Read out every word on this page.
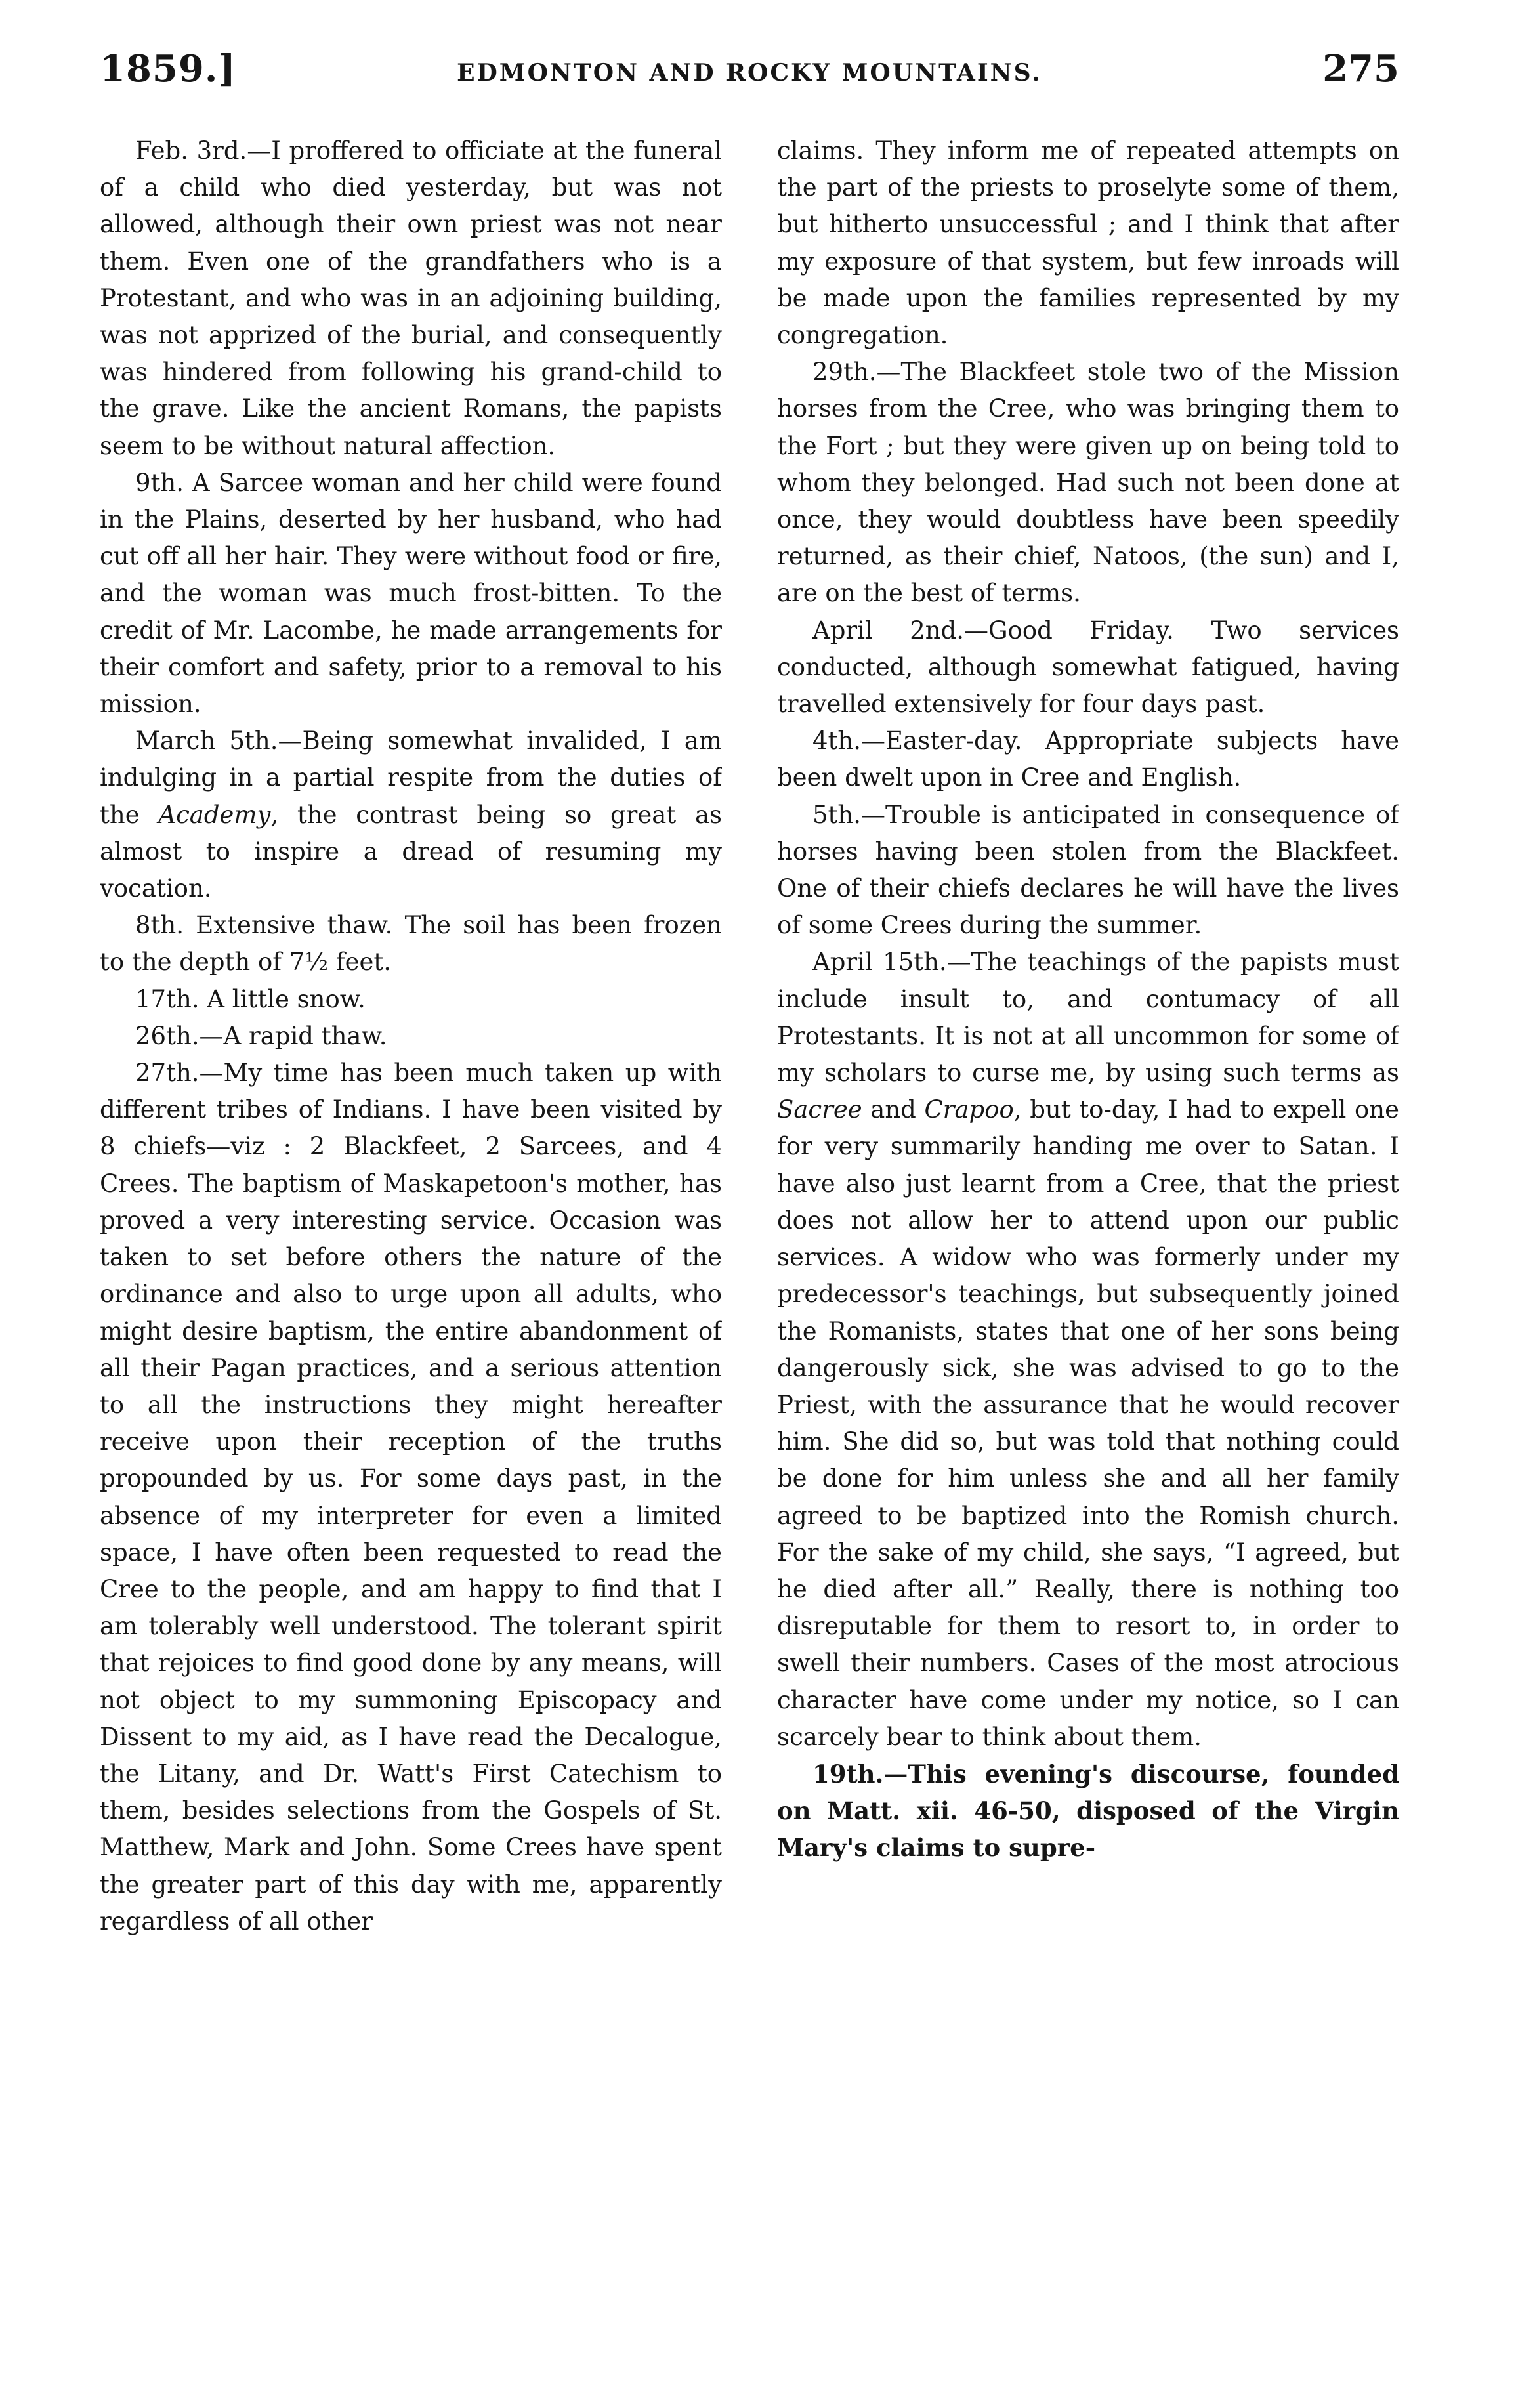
1859.]	EDMONTON AND ROCKY MOUNTAINS.	275

Feb. 3rd.—I proffered to officiate at the funeral of a child who died yesterday, but was not allowed, although their own priest was not near them. Even one of the grandfathers who is a Protestant, and who was in an adjoining building, was not apprized of the burial, and consequently was hindered from following his grand-child to the grave. Like the ancient Romans, the papists seem to be without natural affection.

9th. A Sarcee woman and her child were found in the Plains, deserted by her husband, who had cut off all her hair. They were without food or fire, and the woman was much frost-bitten. To the credit of Mr. Lacombe, he made arrangements for their comfort and safety, prior to a removal to his mission.

March 5th.—Being somewhat invalided, I am indulging in a partial respite from the duties of the Academy, the contrast being so great as almost to inspire a dread of resuming my vocation.

8th. Extensive thaw. The soil has been frozen to the depth of 7½ feet.

17th. A little snow.

26th.—A rapid thaw.

27th.—My time has been much taken up with different tribes of Indians. I have been visited by 8 chiefs—viz : 2 Blackfeet, 2 Sarcees, and 4 Crees. The baptism of Maskapetoon's mother, has proved a very interesting service. Occasion was taken to set before others the nature of the ordinance and also to urge upon all adults, who might desire baptism, the entire abandonment of all their Pagan practices, and a serious attention to all the instructions they might hereafter receive upon their reception of the truths propounded by us. For some days past, in the absence of my interpreter for even a limited space, I have often been requested to read the Cree to the people, and am happy to find that I am tolerably well understood. The tolerant spirit that rejoices to find good done by any means, will not object to my summoning Episcopacy and Dissent to my aid, as I have read the Decalogue, the Litany, and Dr. Watt's First Catechism to them, besides selections from the Gospels of St. Matthew, Mark and John. Some Crees have spent the greater part of this day with me, apparently regardless of all other

claims. They inform me of repeated attempts on the part of the priests to proselyte some of them, but hitherto unsuccessful ; and I think that after my exposure of that system, but few inroads will be made upon the families represented by my congregation.

29th.—The Blackfeet stole two of the Mission horses from the Cree, who was bringing them to the Fort ; but they were given up on being told to whom they belonged. Had such not been done at once, they would doubtless have been speedily returned, as their chief, Natoos, (the sun) and I, are on the best of terms.

April 2nd.—Good Friday. Two services conducted, although somewhat fatigued, having travelled extensively for four days past.

4th.—Easter-day. Appropriate subjects have been dwelt upon in Cree and English.

5th.—Trouble is anticipated in consequence of horses having been stolen from the Blackfeet. One of their chiefs declares he will have the lives of some Crees during the summer.

April 15th.—The teachings of the papists must include insult to, and contumacy of all Protestants. It is not at all uncommon for some of my scholars to curse me, by using such terms as Sacree and Crapoo, but to-day, I had to expell one for very summarily handing me over to Satan. I have also just learnt from a Cree, that the priest does not allow her to attend upon our public services. A widow who was formerly under my predecessor's teachings, but subsequently joined the Romanists, states that one of her sons being dangerously sick, she was advised to go to the Priest, with the assurance that he would recover him. She did so, but was told that nothing could be done for him unless she and all her family agreed to be baptized into the Romish church. For the sake of my child, she says, “I agreed, but he died after all.” Really, there is nothing too disreputable for them to resort to, in order to swell their numbers. Cases of the most atrocious character have come under my notice, so I can scarcely bear to think about them.

19th.—This evening's discourse, founded on Matt. xii. 46-50, disposed of the Virgin Mary's claims to supre-
